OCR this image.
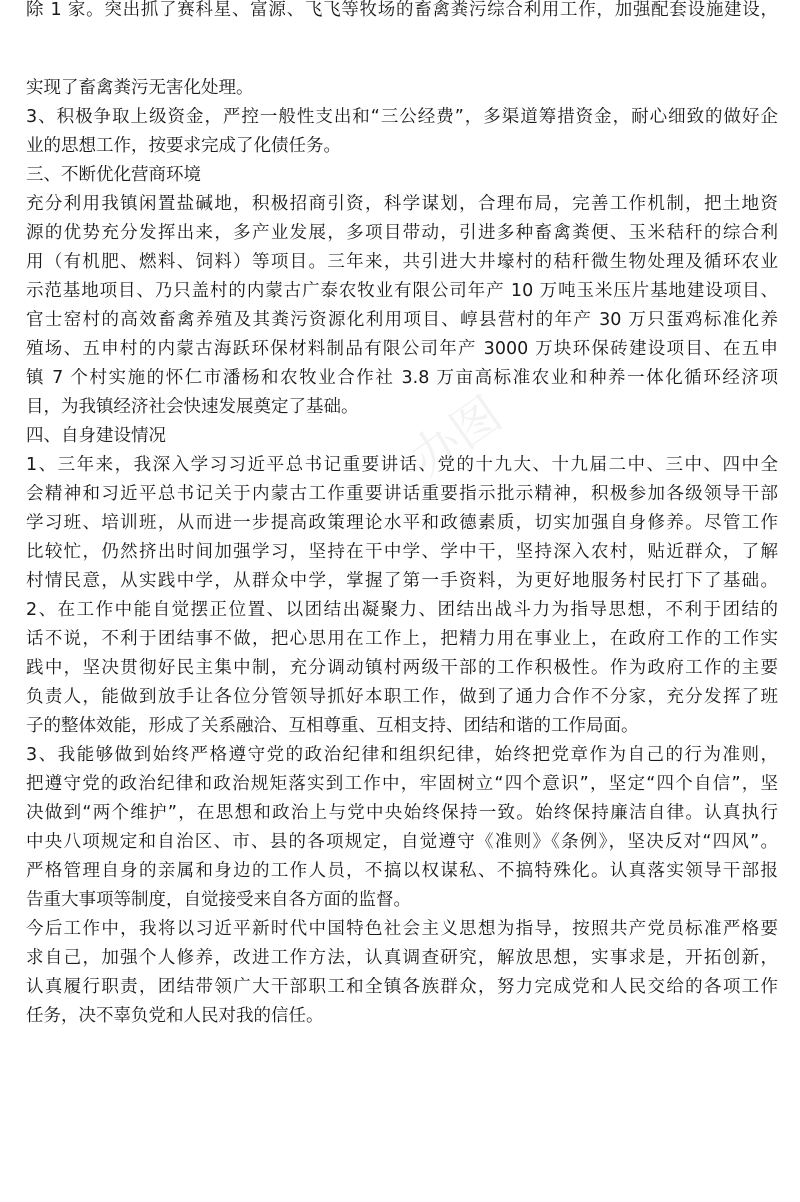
办图
除 1 家。突出抓了赛科星、富源、飞飞等牧场的畜禽粪污综合利用工作，加强配套设施建设，
实现了畜禽粪污无害化处理。
3、积极争取上级资金，严控一般性支出和“三公经费”，多渠道筹措资金，耐心细致的做好企
业的思想工作，按要求完成了化债任务。
三、不断优化营商环境
充分利用我镇闲置盐碱地，积极招商引资，科学谋划，合理布局，完善工作机制，把土地资
源的优势充分发挥出来，多产业发展，多项目带动，引进多种畜禽粪便、玉米秸秆的综合利
用（有机肥、燃料、饲料）等项目。三年来，共引进大井壕村的秸秆微生物处理及循环农业
示范基地项目、乃只盖村的内蒙古广泰农牧业有限公司年产 10 万吨玉米压片基地建设项目、
官士窑村的高效畜禽养殖及其粪污资源化利用项目、崞县营村的年产 30 万只蛋鸡标准化养
殖场、五申村的内蒙古海跃环保材料制品有限公司年产 3000 万块环保砖建设项目、在五申
镇 7 个村实施的怀仁市潘杨和农牧业合作社 3.8 万亩高标准农业和种养一体化循环经济项
目，为我镇经济社会快速发展奠定了基础。
四、自身建设情况
1、三年来，我深入学习习近平总书记重要讲话、党的十九大、十九届二中、三中、四中全
会精神和习近平总书记关于内蒙古工作重要讲话重要指示批示精神，积极参加各级领导干部
学习班、培训班，从而进一步提高政策理论水平和政德素质，切实加强自身修养。尽管工作
比较忙，仍然挤出时间加强学习，坚持在干中学、学中干，坚持深入农村，贴近群众，了解
村情民意，从实践中学，从群众中学，掌握了第一手资料，为更好地服务村民打下了基础。
2、在工作中能自觉摆正位置、以团结出凝聚力、团结出战斗力为指导思想，不利于团结的
话不说，不利于团结事不做，把心思用在工作上，把精力用在事业上，在政府工作的工作实
践中，坚决贯彻好民主集中制，充分调动镇村两级干部的工作积极性。作为政府工作的主要
负责人，能做到放手让各位分管领导抓好本职工作，做到了通力合作不分家，充分发挥了班
子的整体效能，形成了关系融洽、互相尊重、互相支持、团结和谐的工作局面。
3、我能够做到始终严格遵守党的政治纪律和组织纪律，始终把党章作为自己的行为准则，
把遵守党的政治纪律和政治规矩落实到工作中，牢固树立“四个意识”，坚定“四个自信”，坚
决做到“两个维护”，在思想和政治上与党中央始终保持一致。始终保持廉洁自律。认真执行
中央八项规定和自治区、市、县的各项规定，自觉遵守《准则》《条例》，坚决反对“四风”。
严格管理自身的亲属和身边的工作人员，不搞以权谋私、不搞特殊化。认真落实领导干部报
告重大事项等制度，自觉接受来自各方面的监督。
今后工作中，我将以习近平新时代中国特色社会主义思想为指导，按照共产党员标准严格要
求自己，加强个人修养，改进工作方法，认真调查研究，解放思想，实事求是，开拓创新，
认真履行职责，团结带领广大干部职工和全镇各族群众，努力完成党和人民交给的各项工作
任务，决不辜负党和人民对我的信任。
